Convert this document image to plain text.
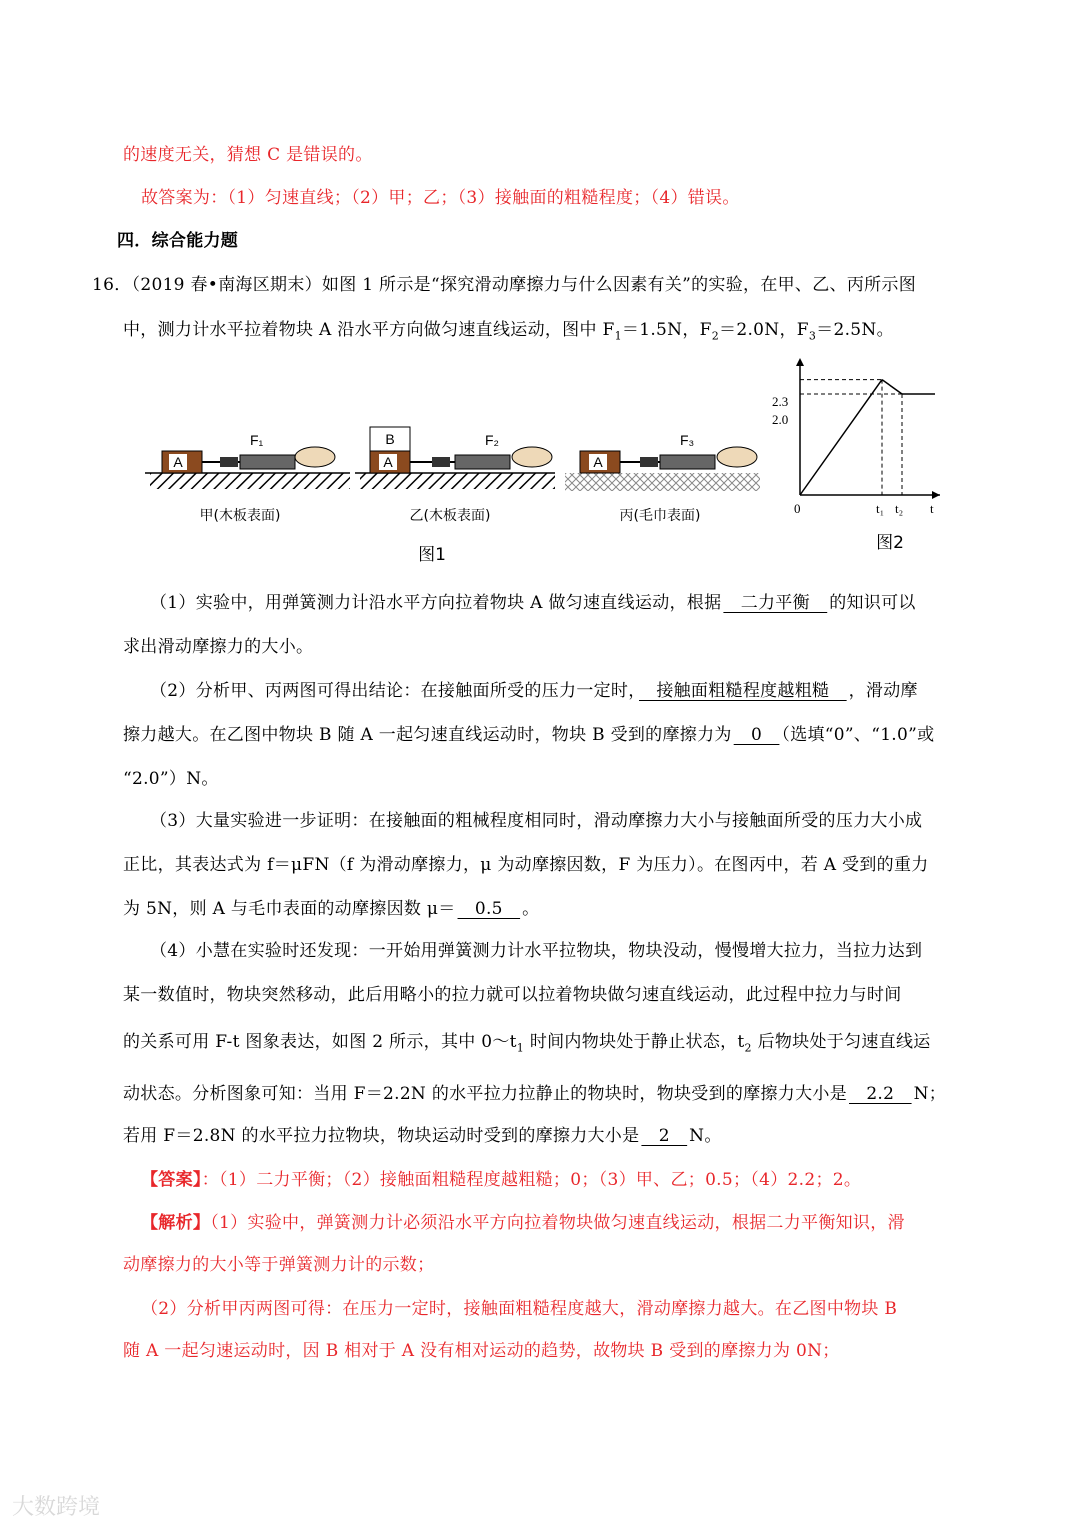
的速度无关，猜想 C 是错误的。
故答案为：（1）匀速直线；（2）甲；乙；（3）接触面的粗糙程度；（4）错误。
四．综合能力题
16．（2019 春•南海区期末）如图 1 所示是“探究滑动摩擦力与什么因素有关”的实验，在甲、乙、丙所示图
中，测力计水平拉着物块 A 沿水平方向做匀速直线运动，图中 $F_1=1.5N$，$F_2=2.0N$，$F_3=2.5N$。
A
F₁
甲(木板表面)
B
A
F₂
乙(木板表面)
A
F₃
丙(毛巾表面)
图1
2.3
2.0
0	t₁ t₂ t
图2
（1）实验中，用弹簧测力计沿水平方向拉着物块 A 做匀速直线运动，根据　二力平衡　的知识可以
求出滑动摩擦力的大小。
（2）分析甲、丙两图可得出结论：在接触面所受的压力一定时，　接触面粗糙程度越粗糙　，滑动摩
擦力越大。在乙图中物块 B 随 A 一起匀速直线运动时，物块 B 受到的摩擦力为　0　（选填“0”、“1.0”或
“2.0”）N。
（3）大量实验进一步证明：在接触面的粗械程度相同时，滑动摩擦力大小与接触面所受的压力大小成
正比，其表达式为 f＝μFN（f 为滑动摩擦力，μ 为动摩擦因数，F 为压力）。在图丙中，若 A 受到的重力
为 5N，则 A 与毛巾表面的动摩擦因数 μ＝　0.5　。
（4）小慧在实验时还发现：一开始用弹簧测力计水平拉物块，物块没动，慢慢增大拉力，当拉力达到
某一数值时，物块突然移动，此后用略小的拉力就可以拉着物块做匀速直线运动，此过程中拉力与时间
的关系可用 F-t 图象表达，如图 2 所示，其中 $0\sim t_1$ 时间内物块处于静止状态，$t_2$ 后物块处于匀速直线运
动状态。分析图象可知：当用 F＝2.2N 的水平拉力拉静止的物块时，物块受到的摩擦力大小是　2.2　N；
若用 F＝2.8N 的水平拉力拉物块，物块运动时受到的摩擦力大小是　2　N。
【答案】：（1）二力平衡；（2）接触面粗糙程度越粗糙；0；（3）甲、乙；0.5；（4）2.2；2。
【解析】（1）实验中，弹簧测力计必须沿水平方向拉着物块做匀速直线运动，根据二力平衡知识，滑
动摩擦力的大小等于弹簧测力计的示数；
（2）分析甲丙两图可得：在压力一定时，接触面粗糙程度越大，滑动摩擦力越大。在乙图中物块 B
随 A 一起匀速运动时，因 B 相对于 A 没有相对运动的趋势，故物块 B 受到的摩擦力为 0N；
大数跨境
